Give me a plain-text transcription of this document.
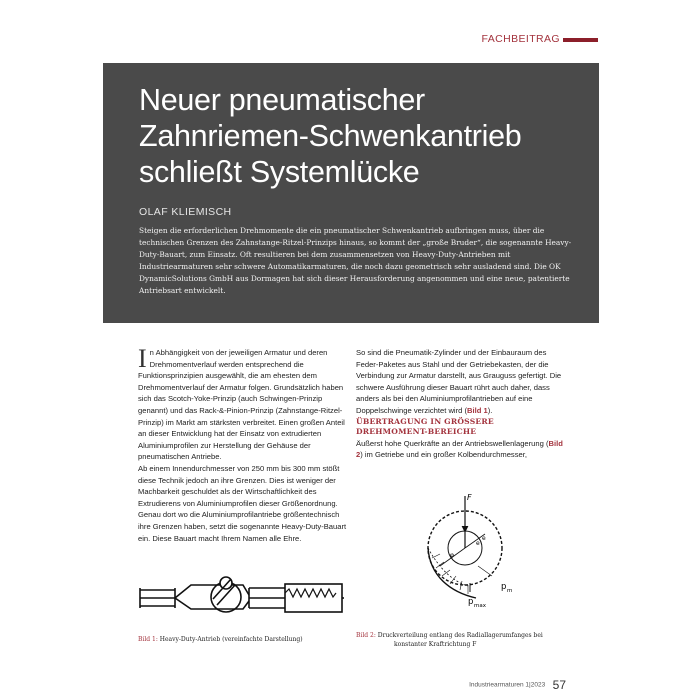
FACHBEITRAG
Neuer pneumatischer
Zahnriemen-Schwenkantrieb
schließt Systemlücke
OLAF KLIEMISCH

Steigen die erforderlichen Drehmomente die ein pneumatischer Schwenkantrieb aufbringen muss, über die technischen Grenzen des Zahnstange-Ritzel-Prinzips hinaus, so kommt der „große Bruder“, die sogenannte Heavy-Duty-Bauart, zum Einsatz. Oft resultieren bei dem zusammensetzen von Heavy-Duty-Antrieben mit Industriearmaturen sehr schwere Automatikarmaturen, die noch dazu geometrisch sehr ausladend sind. Die OK DynamicSolutions GmbH aus Dormagen hat sich dieser Herausforderung angenommen und eine neue, patentierte Antriebsart entwickelt.

In Abhängigkeit von der jeweiligen Armatur und deren Drehmomentverlauf werden entsprechend die Funktionsprinzipien ausgewählt, die am ehesten dem Drehmomentverlauf der Armatur folgen. Grundsätzlich haben sich das Scotch-Yoke-Prinzip (auch Schwingen-Prinzip genannt) und das Rack-&-Pinion-Prinzip (Zahnstange-Ritzel-Prinzip) im Markt am stärksten verbreitet. Einen großen Anteil an dieser Entwicklung hat der Einsatz von extrudierten Aluminiumprofilen zur Herstellung der Gehäuse der pneumatischen Antriebe.

Ab einem Innendurchmesser von 250 mm bis 300 mm stößt diese Technik jedoch an ihre Grenzen. Dies ist weniger der Machbarkeit geschuldet als der Wirtschaftlichkeit des Extrudierens von Aluminiumprofilen dieser Größenordnung. Genau dort wo die Aluminiumprofilantriebe größentechnisch ihre Grenzen haben, setzt die sogenannte Heavy-Duty-Bauart ein. Diese Bauart macht Ihrem Namen alle Ehre.

So sind die Pneumatik-Zylinder und der Einbauraum des Feder-Paketes aus Stahl und der Getriebekasten, der die Verbindung zur Armatur darstellt, aus Grauguss gefertigt. Die schwere Ausführung dieser Bauart rührt auch daher, dass anders als bei den Aluminiumprofilantrieben auf eine Doppelschwinge verzichtet wird (Bild 1).

ÜBERTRAGUNG IN GRÖSSERE DREHMOMENT-BEREICHE

Äußerst hohe Querkräfte an der Antriebswellenlagerung (Bild 2) im Getriebe und ein großer Kolbendurchmesser,

Bild 1: Heavy-Duty-Antrieb (vereinfachte Darstellung)
F
φ
e
e
p max
p m
Bild 2: Druckverteilung entlang des Radiallagerumfanges bei
konstanter Kraftrichtung F
Industriearmaturen 1|2023 57
